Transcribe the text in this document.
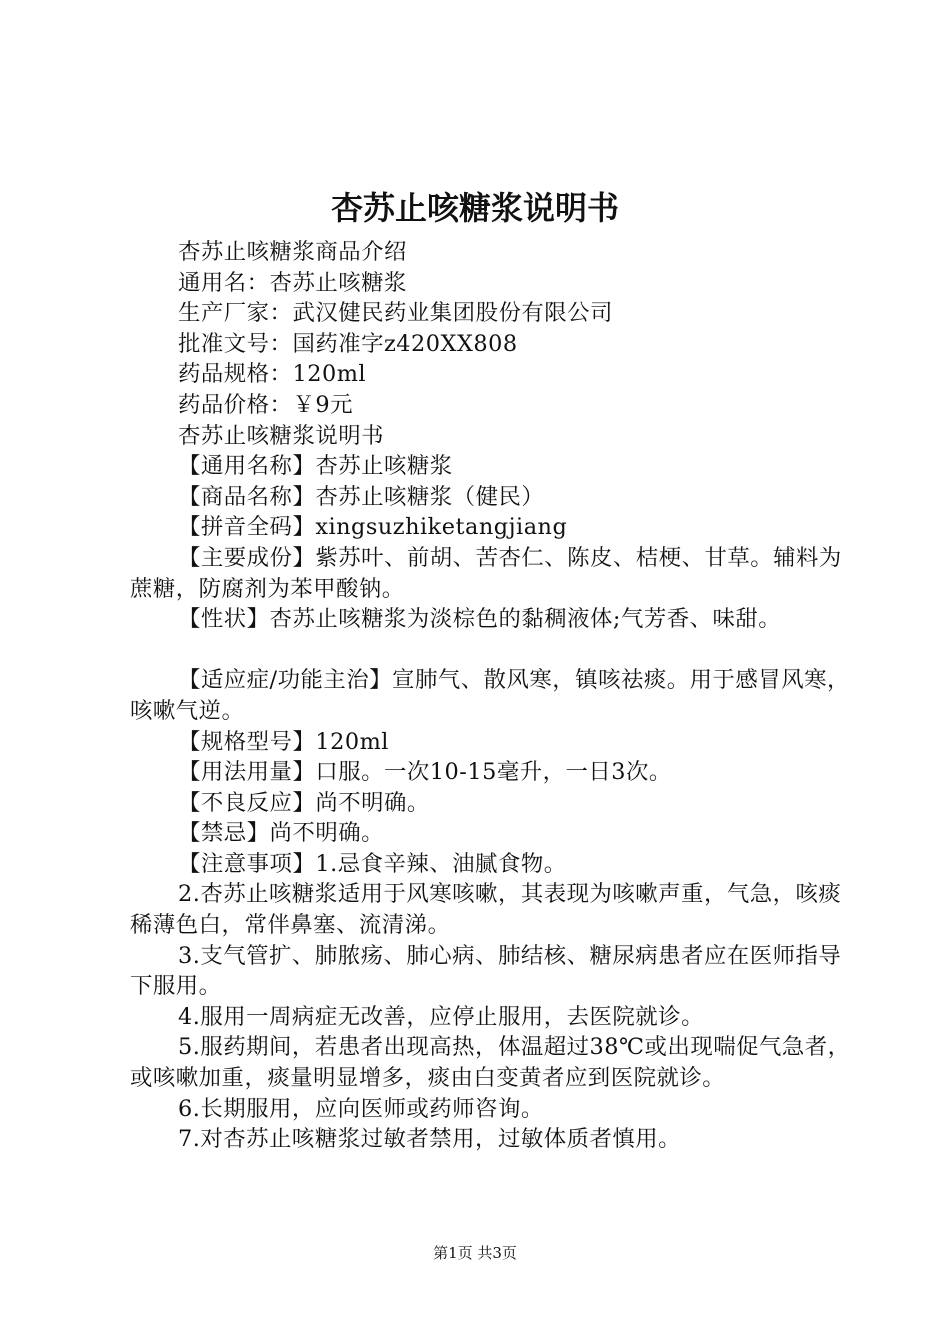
杏苏止咳糖浆说明书

杏苏止咳糖浆商品介绍

通用名：杏苏止咳糖浆

生产厂家：武汉健民药业集团股份有限公司

批准文号：国药准字z420XX808

药品规格：120ml

药品价格：￥9元

杏苏止咳糖浆说明书

【通用名称】杏苏止咳糖浆

【商品名称】杏苏止咳糖浆（健民）

【拼音全码】xingsuzhiketangjiang

【主要成份】紫苏叶、前胡、苦杏仁、陈皮、桔梗、甘草。辅料为蔗糖，防腐剂为苯甲酸钠。

【性状】杏苏止咳糖浆为淡棕色的黏稠液体;气芳香、味甜。

【适应症/功能主治】宣肺气、散风寒，镇咳祛痰。用于感冒风寒，咳嗽气逆。

【规格型号】120ml

【用法用量】口服。一次10-15毫升，一日3次。

【不良反应】尚不明确。

【禁忌】尚不明确。

【注意事项】1.忌食辛辣、油腻食物。

2.杏苏止咳糖浆适用于风寒咳嗽，其表现为咳嗽声重，气急，咳痰稀薄色白，常伴鼻塞、流清涕。

3.支气管扩、肺脓疡、肺心病、肺结核、糖尿病患者应在医师指导下服用。

4.服用一周病症无改善，应停止服用，去医院就诊。

5.服药期间，若患者出现高热，体温超过38℃或出现喘促气急者，或咳嗽加重，痰量明显增多，痰由白变黄者应到医院就诊。

6.长期服用，应向医师或药师咨询。

7.对杏苏止咳糖浆过敏者禁用，过敏体质者慎用。

第1页 共3页
